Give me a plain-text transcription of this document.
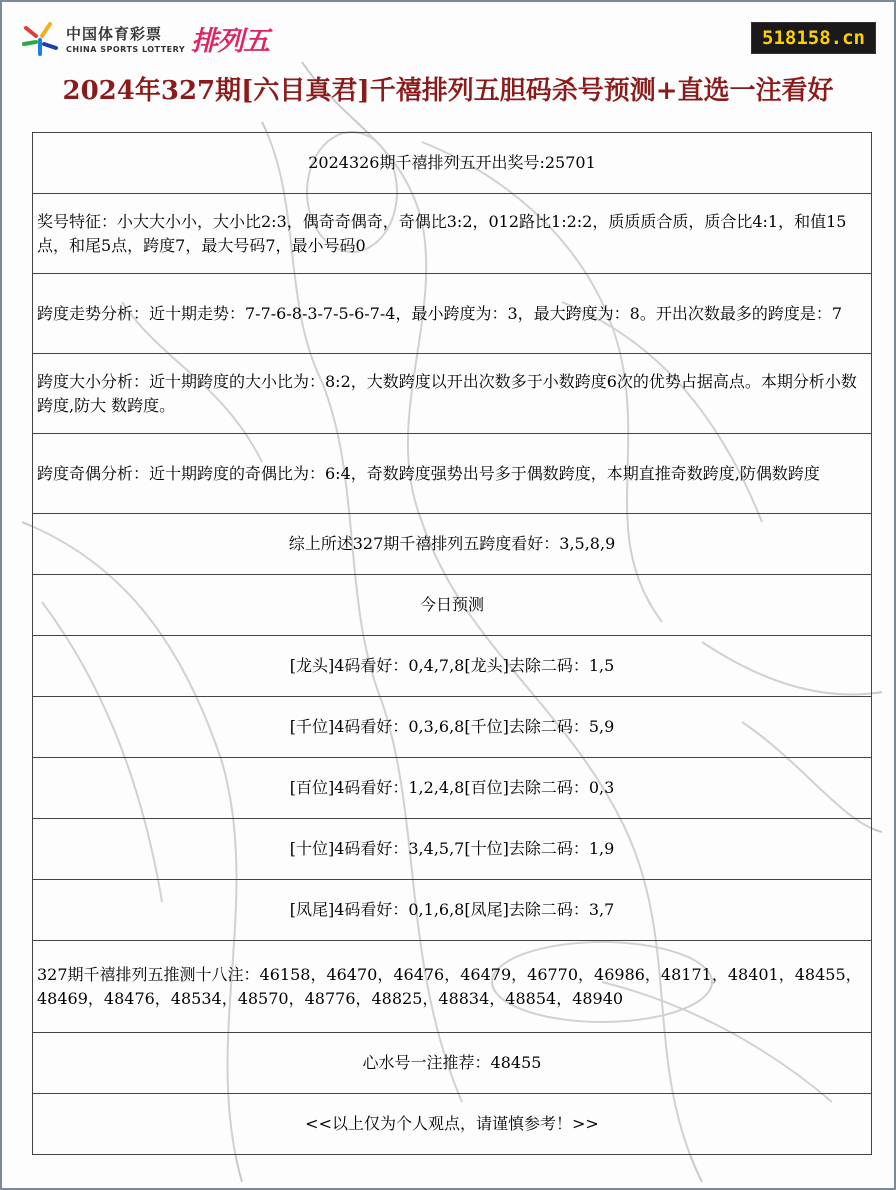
中国体育彩票
CHINA SPORTS LOTTERY 排列五	518158.cn
2024年327期[六目真君]千禧排列五胆码杀号预测+直选一注看好
2024326期千禧排列五开出奖号:25701
奖号特征：小大大小小，大小比2:3，偶奇奇偶奇，奇偶比3:2，012路比1:2:2，质质质合质，质合比4:1，和值15点，和尾5点，跨度7，最大号码7，最小号码0
跨度走势分析：近十期走势：7-7-6-8-3-7-5-6-7-4，最小跨度为：3，最大跨度为：8。开出次数最多的跨度是：7
跨度大小分析：近十期跨度的大小比为：8:2，大数跨度以开出次数多于小数跨度6次的优势占据高点。本期分析小数跨度,防大 数跨度。
跨度奇偶分析：近十期跨度的奇偶比为：6:4，奇数跨度强势出号多于偶数跨度，本期直推奇数跨度,防偶数跨度
综上所述327期千禧排列五跨度看好：3,5,8,9
今日预测
[龙头]4码看好：0,4,7,8[龙头]去除二码：1,5
[千位]4码看好：0,3,6,8[千位]去除二码：5,9
[百位]4码看好：1,2,4,8[百位]去除二码：0,3
[十位]4码看好：3,4,5,7[十位]去除二码：1,9
[凤尾]4码看好：0,1,6,8[凤尾]去除二码：3,7
327期千禧排列五推测十八注：46158，46470，46476，46479，46770，46986，48171，48401，48455，48469，48476，48534，48570，48776，48825，48834，48854，48940
心水号一注推荐：48455
<<以上仅为个人观点，请谨慎参考！>>
